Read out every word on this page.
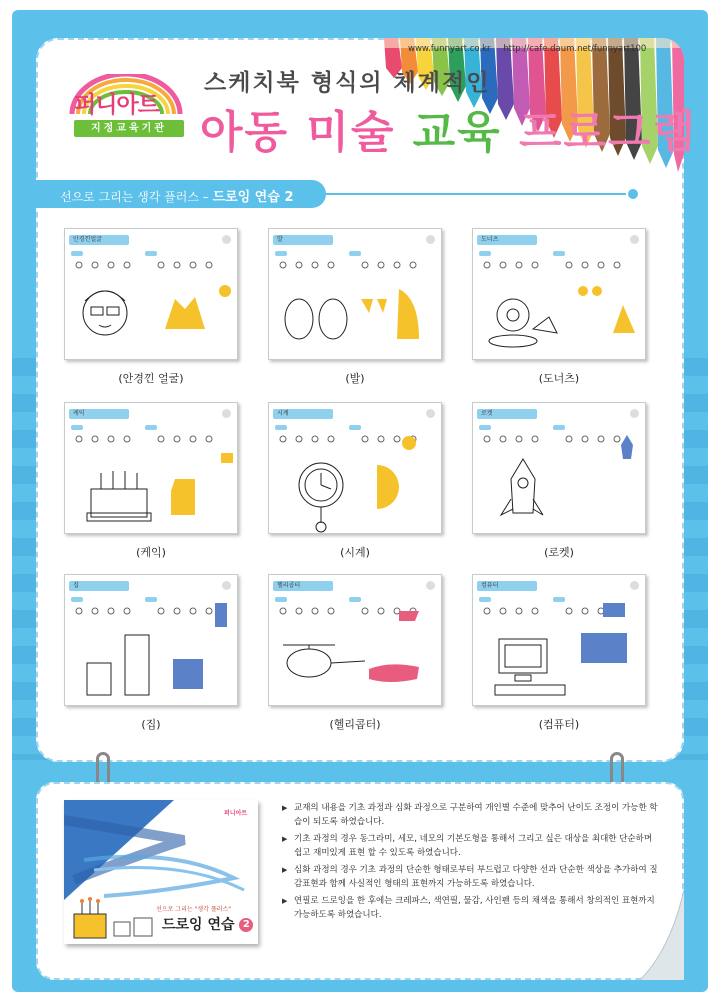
www.funnyart.co.kr http://cafe.daum.net/funnyart100
퍼니아트
지정교육기관
스케치북 형식의 체계적인
아동 미술 교육 프로그램
선으로 그리는 생각 플러스 – 드로잉 연습 2
퍼니아트
선으로 그리는 "생각 플러스"
드로잉 연습 2
▶ 교재의 내용을 기초 과정과 심화 과정으로 구분하여 개인별 수준에 맞추어 난이도 조정이 가능한 학습이 되도록 하였습니다.
▶ 기초 과정의 경우 동그라미, 세모, 네모의 기본도형을 통해서 그리고 싶은 대상을 최대한 단순하며 쉽고 재미있게 표현 할 수 있도록 하였습니다.
▶ 심화 과정의 경우 기초 과정의 단순한 형태로부터 부드럽고 다양한 선과 단순한 색상을 추가하여 질감표현과 함께 사실적인 형태의 표현까지 가능하도록 하였습니다.
▶ 연필로 드로잉을 한 후에는 크레파스, 색연필, 물감, 사인펜 등의 채색을 통해서 창의적인 표현까지 가능하도록 하였습니다.
안경낀얼굴
(안경낀 얼굴)
발
(발)
도너츠
(도너츠)
케익
(케익)
시계
(시계)
로켓
(로켓)
집
(집)
헬리콥터
(헬리콥터)
컴퓨터
(컴퓨터)
